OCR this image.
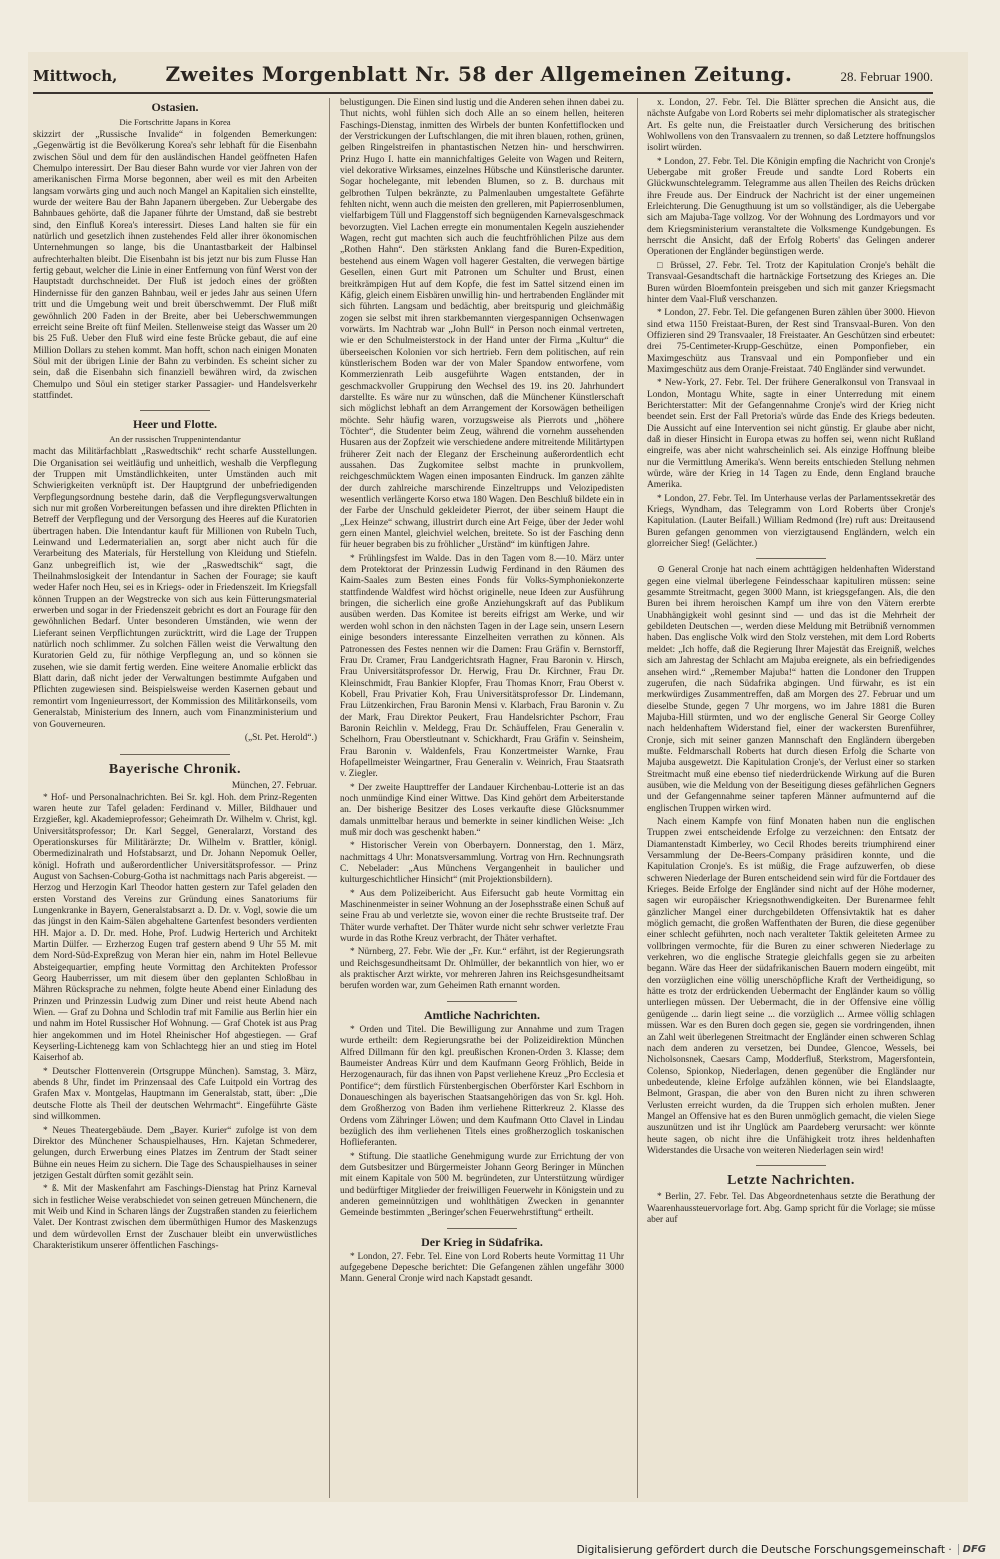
Mittwoch, Zweites Morgenblatt Nr. 58 der Allgemeinen Zeitung.	28. Februar 1900.
Ostasien.
Die Fortschritte Japans in Korea

skizzirt der „Russische Invalide“ in folgenden Bemerkungen: „Gegenwärtig ist die Bevölkerung Korea's sehr lebhaft für die Eisenbahn zwischen Söul und dem für den ausländischen Handel geöffneten Hafen Chemulpo interessirt. Der Bau dieser Bahn wurde vor vier Jahren von der amerikanischen Firma Morse begonnen, aber weil es mit den Arbeiten langsam vorwärts ging und auch noch Mangel an Kapitalien sich einstellte, wurde der weitere Bau der Bahn Japanern übergeben. Zur Uebergabe des Bahnbaues gehörte, daß die Japaner führte der Umstand, daß sie bestrebt sind, den Einfluß Korea's interessirt. Dieses Land halten sie für ein natürlich und gesetzlich ihnen zustehendes Feld aller ihrer ökonomischen Unternehmungen so lange, bis die Unantastbarkeit der Halbinsel aufrechterhalten bleibt. Die Eisenbahn ist bis jetzt nur bis zum Flusse Han fertig gebaut, welcher die Linie in einer Entfernung von fünf Werst von der Hauptstadt durchschneidet. Der Fluß ist jedoch eines der größten Hindernisse für den ganzen Bahnbau, weil er jedes Jahr aus seinen Ufern tritt und die Umgebung weit und breit überschwemmt. Der Fluß mißt gewöhnlich 200 Faden in der Breite, aber bei Ueberschwemmungen erreicht seine Breite oft fünf Meilen. Stellenweise steigt das Wasser um 20 bis 25 Fuß. Ueber den Fluß wird eine feste Brücke gebaut, die auf eine Million Dollars zu stehen kommt. Man hofft, schon nach einigen Monaten Söul mit der übrigen Linie der Bahn zu verbinden. Es scheint sicher zu sein, daß die Eisenbahn sich finanziell bewähren wird, da zwischen Chemulpo und Söul ein stetiger starker Passagier- und Handelsverkehr stattfindet.

Heer und Flotte.
An der russischen Truppenintendantur

macht das Militärfachblatt „Raswedtschik“ recht scharfe Ausstellungen. Die Organisation sei weitläufig und unheitlich, weshalb die Verpflegung der Truppen mit Umständlichkeiten, unter Umständen auch mit Schwierigkeiten verknüpft ist. Der Hauptgrund der unbefriedigenden Verpflegungsordnung bestehe darin, daß die Verpflegungsverwaltungen sich nur mit großen Vorbereitungen befassen und ihre direkten Pflichten in Betreff der Verpflegung und der Versorgung des Heeres auf die Kuratorien übertragen haben. Die Intendantur kauft für Millionen von Rubeln Tuch, Leinwand und Ledermaterialien an, sorgt aber nicht auch für die Verarbeitung des Materials, für Herstellung von Kleidung und Stiefeln. Ganz unbegreiflich ist, wie der „Raswedtschik“ sagt, die Theilnahmslosigkeit der Intendantur in Sachen der Fourage; sie kauft weder Hafer noch Heu, sei es in Kriegs- oder in Friedenszeit. Im Kriegsfall können Truppen an der Wegstrecke von sich aus kein Fütterungsmaterial erwerben und sogar in der Friedenszeit gebricht es dort an Fourage für den gewöhnlichen Bedarf. Unter besonderen Umständen, wie wenn der Lieferant seinen Verpflichtungen zurücktritt, wird die Lage der Truppen natürlich noch schlimmer. Zu solchen Fällen weist die Verwaltung den Kuratorien Geld zu, für nöthige Verpflegung an, und so können sie zusehen, wie sie damit fertig werden. Eine weitere Anomalie erblickt das Blatt darin, daß nicht jeder der Verwaltungen bestimmte Aufgaben und Pflichten zugewiesen sind. Beispielsweise werden Kasernen gebaut und remontirt vom Ingenieurressort, der Kommission des Militärkonseils, vom Generalstab, Ministerium des Innern, auch vom Finanzministerium und von Gouverneuren.

(„St. Pet. Herold“.)
Bayerische Chronik.
München, 27. Februar.

* Hof- und Personalnachrichten. Bei Sr. kgl. Hoh. dem Prinz-Regenten waren heute zur Tafel geladen: Ferdinand v. Miller, Bildhauer und Erzgießer, kgl. Akademieprofessor; Geheimrath Dr. Wilhelm v. Christ, kgl. Universitätsprofessor; Dr. Karl Seggel, Generalarzt, Vorstand des Operationskurses für Militärärzte; Dr. Wilhelm v. Brattler, königl. Obermedizinalrath und Hofstabsarzt, und Dr. Johann Nepomuk Oeller, königl. Hofrath und außerordentlicher Universitätsprofessor. — Prinz August von Sachsen-Coburg-Gotha ist nachmittags nach Paris abgereist. — Herzog und Herzogin Karl Theodor hatten gestern zur Tafel geladen den ersten Vorstand des Vereins zur Gründung eines Sanatoriums für Lungenkranke in Bayern, Generalstabsarzt a. D. Dr. v. Vogl, sowie die um das jüngst in den Kaim-Sälen abgehaltene Gartenfest besonders verdienten HH. Major a. D. Dr. med. Hohe, Prof. Ludwig Herterich und Architekt Martin Dülfer. — Erzherzog Eugen traf gestern abend 9 Uhr 55 M. mit dem Nord-Süd-Expreßzug von Meran hier ein, nahm im Hotel Bellevue Absteigequartier, empfing heute Vormittag den Architekten Professor Georg Hauberrisser, um mit diesem über den geplanten Schloßbau in Mähren Rücksprache zu nehmen, folgte heute Abend einer Einladung des Prinzen und Prinzessin Ludwig zum Diner und reist heute Abend nach Wien. — Graf zu Dohna und Schlodin traf mit Familie aus Berlin hier ein und nahm im Hotel Russischer Hof Wohnung. — Graf Chotek ist aus Prag hier angekommen und im Hotel Rheinischer Hof abgestiegen. — Graf Keyserling-Lichtenegg kam von Schlachtegg hier an und stieg im Hotel Kaiserhof ab.

* Deutscher Flottenverein (Ortsgruppe München). Samstag, 3. März, abends 8 Uhr, findet im Prinzensaal des Cafe Luitpold ein Vortrag des Grafen Max v. Montgelas, Hauptmann im Generalstab, statt, über: „Die deutsche Flotte als Theil der deutschen Wehrmacht“. Eingeführte Gäste sind willkommen.

* Neues Theatergebäude. Dem „Bayer. Kurier“ zufolge ist von dem Direktor des Münchener Schauspielhauses, Hrn. Kajetan Schmederer, gelungen, durch Erwerbung eines Platzes im Zentrum der Stadt seiner Bühne ein neues Heim zu sichern. Die Tage des Schauspielhauses in seiner jetzigen Gestalt dürften somit gezählt sein.

* ß. Mit der Maskenfahrt am Faschings-Dienstag hat Prinz Karneval sich in festlicher Weise verabschiedet von seinen getreuen Münchenern, die mit Weib und Kind in Scharen längs der Zugstraßen standen zu feierlichem Valet. Der Kontrast zwischen dem übermüthigen Humor des Maskenzugs und dem würdevollen Ernst der Zuschauer bleibt ein unverwüstliches Charakteristikum unserer öffentlichen Faschings-

belustigungen. Die Einen sind lustig und die Anderen sehen ihnen dabei zu. Thut nichts, wohl fühlen sich doch Alle an so einem hellen, heiteren Faschings-Dienstag, inmitten des Wirbels der bunten Konfettiflocken und der Verstrickungen der Luftschlangen, die mit ihren blauen, rothen, grünen, gelben Ringelstreifen in phantastischen Netzen hin- und herschwirren. Prinz Hugo I. hatte ein mannichfaltiges Geleite von Wagen und Reitern, viel dekorative Wirksames, einzelnes Hübsche und Künstlerische darunter. Sogar hochelegante, mit lebenden Blumen, so z. B. durchaus mit gelbrothen Tulpen bekränzte, zu Palmenlauben umgestaltete Gefährte fehlten nicht, wenn auch die meisten den grelleren, mit Papierrosenblumen, vielfarbigem Tüll und Flaggenstoff sich begnügenden Karnevalsgeschmack bevorzugten. Viel Lachen erregte ein monumentalen Kegeln ausziehender Wagen, recht gut machten sich auch die feuchtfröhlichen Pilze aus dem „Rothen Hahn“. Den stärksten Anklang fand die Buren-Expedition, bestehend aus einem Wagen voll hagerer Gestalten, die verwegen bärtige Gesellen, einen Gurt mit Patronen um Schulter und Brust, einen breitkrämpigen Hut auf dem Kopfe, die fest im Sattel sitzend einen im Käfig, gleich einem Eisbären unwillig hin- und hertrabenden Engländer mit sich führten. Langsam und bedächtig, aber breitspurig und gleichmäßig zogen sie selbst mit ihren starkbemannten viergespannigen Ochsenwagen vorwärts. Im Nachtrab war „John Bull“ in Person noch einmal vertreten, wie er den Schulmeisterstock in der Hand unter der Firma „Kultur“ die überseeischen Kolonien vor sich hertrieb. Fern dem politischen, auf rein künstlerischem Boden war der von Maler Spandow entworfene, vom Kommerzienrath Leib ausgeführte Wagen entstanden, der in geschmackvoller Gruppirung den Wechsel des 19. ins 20. Jahrhundert darstellte. Es wäre nur zu wünschen, daß die Münchener Künstlerschaft sich möglichst lebhaft an dem Arrangement der Korsowägen betheiligen möchte. Sehr häufig waren, vorzugsweise als Pierrots und „höhere Töchter“, die Studenter beim Zeug, während die vornehm aussehenden Husaren aus der Zopfzeit wie verschiedene andere mitreitende Militärtypen früherer Zeit nach der Eleganz der Erscheinung außerordentlich echt aussahen. Das Zugkomitee selbst machte in prunkvollem, reichgeschmücktem Wagen einen imposanten Eindruck. Im ganzen zählte der durch zahlreiche marschirende Einzeltrupps und Velozipedisten wesentlich verlängerte Korso etwa 180 Wagen. Den Beschluß bildete ein in der Farbe der Unschuld gekleideter Pierrot, der über seinem Haupt die „Lex Heinze“ schwang, illustrirt durch eine Art Feige, über der Jeder wohl gern einen Mantel, gleichviel welchen, breitete. So ist der Fasching denn für heuer begraben bis zu fröhlicher „Urständ“ im künftigen Jahre.

* Frühlingsfest im Walde. Das in den Tagen vom 8.—10. März unter dem Protektorat der Prinzessin Ludwig Ferdinand in den Räumen des Kaim-Saales zum Besten eines Fonds für Volks-Symphoniekonzerte stattfindende Waldfest wird höchst originelle, neue Ideen zur Ausführung bringen, die sicherlich eine große Anziehungskraft auf das Publikum ausüben werden. Das Komitee ist bereits eifrigst am Werke, und wir werden wohl schon in den nächsten Tagen in der Lage sein, unsern Lesern einige besonders interessante Einzelheiten verrathen zu können. Als Patronessen des Festes nennen wir die Damen: Frau Gräfin v. Bernstorff, Frau Dr. Cramer, Frau Landgerichtsrath Hagner, Frau Baronin v. Hirsch, Frau Universitätsprofessor Dr. Herwig, Frau Dr. Kirchner, Frau Dr. Kleinschmidt, Frau Bankier Klopfer, Frau Thomas Knorr, Frau Oberst v. Kobell, Frau Privatier Koh, Frau Universitätsprofessor Dr. Lindemann, Frau Lützenkirchen, Frau Baronin Mensi v. Klarbach, Frau Baronin v. Zu der Mark, Frau Direktor Peukert, Frau Handelsrichter Pschorr, Frau Baronin Reichlin v. Meldegg, Frau Dr. Schäuffelen, Frau Generalin v. Schelhorn, Frau Oberstleutnant v. Schickhardt, Frau Gräfin v. Seinsheim, Frau Baronin v. Waldenfels, Frau Konzertmeister Warnke, Frau Hofapellmeister Weingartner, Frau Generalin v. Weinrich, Frau Staatsrath v. Ziegler.

* Der zweite Haupttreffer der Landauer Kirchenbau-Lotterie ist an das noch unmündige Kind einer Wittwe. Das Kind gehört dem Arbeiterstande an. Der bisherige Besitzer des Loses verkaufte diese Glücksnummer damals unmittelbar heraus und bemerkte in seiner kindlichen Weise: „Ich muß mir doch was geschenkt haben.“

* Historischer Verein von Oberbayern. Donnerstag, den 1. März, nachmittags 4 Uhr: Monatsversammlung. Vortrag von Hrn. Rechnungsrath C. Nebelader: „Aus Münchens Vergangenheit in baulicher und kulturgeschichtlicher Hinsicht“ (mit Projektionsbildern).

* Aus dem Polizeibericht. Aus Eifersucht gab heute Vormittag ein Maschinenmeister in seiner Wohnung an der Josephsstraße einen Schuß auf seine Frau ab und verletzte sie, wovon einer die rechte Brustseite traf. Der Thäter wurde verhaftet. Der Thäter wurde nicht sehr schwer verletzte Frau wurde in das Rothe Kreuz verbracht, der Thäter verhaftet.

* Nürnberg, 27. Febr. Wie der „Fr. Kur.“ erfährt, ist der Regierungsrath und Reichsgesundheitsamt Dr. Ohlmüller, der bekanntlich von hier, wo er als praktischer Arzt wirkte, vor mehreren Jahren ins Reichsgesundheitsamt berufen worden war, zum Geheimen Rath ernannt worden.

Amtliche Nachrichten.

* Orden und Titel. Die Bewilligung zur Annahme und zum Tragen wurde ertheilt: dem Regierungsrathe bei der Polizeidirektion München Alfred Dillmann für den kgl. preußischen Kronen-Orden 3. Klasse; dem Baumeister Andreas Kürr und dem Kaufmann Georg Fröhlich, Beide in Herzogenaurach, für das ihnen von Papst verliehene Kreuz „Pro Ecclesia et Pontifice“; dem fürstlich Fürstenbergischen Oberförster Karl Eschborn in Donaueschingen als bayerischen Staatsangehörigen das von Sr. kgl. Hoh. dem Großherzog von Baden ihm verliehene Ritterkreuz 2. Klasse des Ordens vom Zähringer Löwen; und dem Kaufmann Otto Clavel in Lindau bezüglich des ihm verliehenen Titels eines großherzoglich toskanischen Hoflieferanten.

* Stiftung. Die staatliche Genehmigung wurde zur Errichtung der von dem Gutsbesitzer und Bürgermeister Johann Georg Beringer in München mit einem Kapitale von 500 M. begründeten, zur Unterstützung würdiger und bedürftiger Mitglieder der freiwilligen Feuerwehr in Königstein und zu anderen gemeinnützigen und wohlthätigen Zwecken in genannter Gemeinde bestimmten „Beringer'schen Feuerwehrstiftung“ ertheilt.

Der Krieg in Südafrika.

* London, 27. Febr. Tel. Eine von Lord Roberts heute Vormittag 11 Uhr aufgegebene Depesche berichtet: Die Gefangenen zählen ungefähr 3000 Mann. General Cronje wird nach Kapstadt gesandt.

x. London, 27. Febr. Tel. Die Blätter sprechen die Ansicht aus, die nächste Aufgabe von Lord Roberts sei mehr diplomatischer als strategischer Art. Es gelte nun, die Freistaatler durch Versicherung des britischen Wohlwollens von den Transvaalern zu trennen, so daß Letztere hoffnungslos isolirt würden.

* London, 27. Febr. Tel. Die Königin empfing die Nachricht von Cronje's Uebergabe mit großer Freude und sandte Lord Roberts ein Glückwunschtelegramm. Telegramme aus allen Theilen des Reichs drücken ihre Freude aus. Der Eindruck der Nachricht ist der einer ungemeinen Erleichterung. Die Genugthuung ist um so vollständiger, als die Uebergabe sich am Majuba-Tage vollzog. Vor der Wohnung des Lordmayors und vor dem Kriegsministerium veranstaltete die Volksmenge Kundgebungen. Es herrscht die Ansicht, daß der Erfolg Roberts' das Gelingen anderer Operationen der Engländer begünstigen werde.

□ Brüssel, 27. Febr. Tel. Trotz der Kapitulation Cronje's behält die Transvaal-Gesandtschaft die hartnäckige Fortsetzung des Krieges an. Die Buren würden Bloemfontein preisgeben und sich mit ganzer Kriegsmacht hinter dem Vaal-Fluß verschanzen.

* London, 27. Febr. Tel. Die gefangenen Buren zählen über 3000. Hievon sind etwa 1150 Freistaat-Buren, der Rest sind Transvaal-Buren. Von den Offizieren sind 29 Transvaaler, 18 Freistaater. An Geschützen sind erbeutet: drei 75-Centimeter-Krupp-Geschütze, einen Pomponfieber, ein Maximgeschütz aus Transvaal und ein Pomponfieber und ein Maximgeschütz aus dem Oranje-Freistaat. 740 Engländer sind verwundet.

* New-York, 27. Febr. Tel. Der frühere Generalkonsul von Transvaal in London, Montagu White, sagte in einer Unterredung mit einem Berichterstatter: Mit der Gefangennahme Cronje's wird der Krieg nicht beendet sein. Erst der Fall Pretoria's würde das Ende des Kriegs bedeuten. Die Aussicht auf eine Intervention sei nicht günstig. Er glaube aber nicht, daß in dieser Hinsicht in Europa etwas zu hoffen sei, wenn nicht Rußland eingreife, was aber nicht wahrscheinlich sei. Als einzige Hoffnung bleibe nur die Vermittlung Amerika's. Wenn bereits entschieden Stellung nehmen würde, wäre der Krieg in 14 Tagen zu Ende, denn England brauche Amerika.

* London, 27. Febr. Tel. Im Unterhause verlas der Parlamentssekretär des Kriegs, Wyndham, das Telegramm von Lord Roberts über Cronje's Kapitulation. (Lauter Beifall.) William Redmond (Ire) ruft aus: Dreitausend Buren gefangen genommen von vierzigtausend Engländern, welch ein glorreicher Sieg! (Gelächter.)

⊙ General Cronje hat nach einem achttägigen heldenhaften Widerstand gegen eine vielmal überlegene Feindesschaar kapituliren müssen: seine gesammte Streitmacht, gegen 3000 Mann, ist kriegsgefangen. Als, die den Buren bei ihrem heroischen Kampf um ihre von den Vätern ererbte Unabhängigkeit wohl gesinnt sind — und das ist die Mehrheit der gebildeten Deutschen —, werden diese Meldung mit Betrübniß vernommen haben. Das englische Volk wird den Stolz verstehen, mit dem Lord Roberts meldet: „Ich hoffe, daß die Regierung Ihrer Majestät das Ereigniß, welches sich am Jahrestag der Schlacht am Majuba ereignete, als ein befriedigendes ansehen wird.“ „Remember Majuba!“ hatten die Londoner den Truppen zugerufen, die nach Südafrika abgingen. Und fürwahr, es ist ein merkwürdiges Zusammentreffen, daß am Morgen des 27. Februar und um dieselbe Stunde, gegen 7 Uhr morgens, wo im Jahre 1881 die Buren Majuba-Hill stürmten, und wo der englische General Sir George Colley nach heldenhaftem Widerstand fiel, einer der wackersten Burenführer, Cronje, sich mit seiner ganzen Mannschaft den Engländern übergeben mußte. Feldmarschall Roberts hat durch diesen Erfolg die Scharte von Majuba ausgewetzt. Die Kapitulation Cronje's, der Verlust einer so starken Streitmacht muß eine ebenso tief niederdrückende Wirkung auf die Buren ausüben, wie die Meldung von der Beseitigung dieses gefährlichen Gegners und der Gefangennahme seiner tapferen Männer aufmunternd auf die englischen Truppen wirken wird.

Nach einem Kampfe von fünf Monaten haben nun die englischen Truppen zwei entscheidende Erfolge zu verzeichnen: den Entsatz der Diamantenstadt Kimberley, wo Cecil Rhodes bereits triumphirend einer Versammlung der De-Beers-Company präsidiren konnte, und die Kapitulation Cronje's. Es ist müßig, die Frage aufzuwerfen, ob diese schweren Niederlage der Buren entscheidend sein wird für die Fortdauer des Krieges. Beide Erfolge der Engländer sind nicht auf der Höhe moderner, sagen wir europäischer Kriegsnothwendigkeiten. Der Burenarmee fehlt gänzlicher Mangel einer durchgebildeten Offensivtaktik hat es daher möglich gemacht, die großen Waffenthaten der Buren, die diese gegenüber einer schlecht geführten, noch nach veralteter Taktik geleiteten Armee zu vollbringen vermochte, für die Buren zu einer schweren Niederlage zu verkehren, wo die englische Strategie gleichfalls gegen sie zu arbeiten begann. Wäre das Heer der südafrikanischen Bauern modern eingeübt, mit den vorzüglichen eine völlig unerschöpfliche Kraft der Vertheidigung, so hätte es trotz der erdrückenden Uebermacht der Engländer kaum so völlig unterliegen müssen. Der Uebermacht, die in der Offensive eine völlig genügende ... darin liegt seine ... die vorzüglich ... Armee völlig schlagen müssen. War es den Buren doch gegen sie, gegen sie vordringenden, ihnen an Zahl weit überlegenen Streitmacht der Engländer einen schweren Schlag nach dem anderen zu versetzen, bei Dundee, Glencoe, Wessels, bei Nicholsonsnek, Caesars Camp, Modderfluß, Sterkstrom, Magersfontein, Colenso, Spionkop, Niederlagen, denen gegenüber die Engländer nur unbedeutende, kleine Erfolge aufzählen können, wie bei Elandslaagte, Belmont, Graspan, die aber von den Buren nicht zu ihren schweren Verlusten erreicht wurden, da die Truppen sich erholen mußten. Jener Mangel an Offensive hat es den Buren unmöglich gemacht, die vielen Siege auszunützen und ist ihr Unglück am Paardeberg verursacht: wer könnte heute sagen, ob nicht ihre die Unfähigkeit trotz ihres heldenhaften Widerstandes die Ursache von weiteren Niederlagen sein wird!

Letzte Nachrichten.

* Berlin, 27. Febr. Tel. Das Abgeordnetenhaus setzte die Berathung der Waarenhaussteuervorlage fort. Abg. Gamp spricht für die Vorlage; sie müsse aber auf

Digitalisierung gefördert durch die Deutsche Forschungsgemeinschaft ·	DFG
